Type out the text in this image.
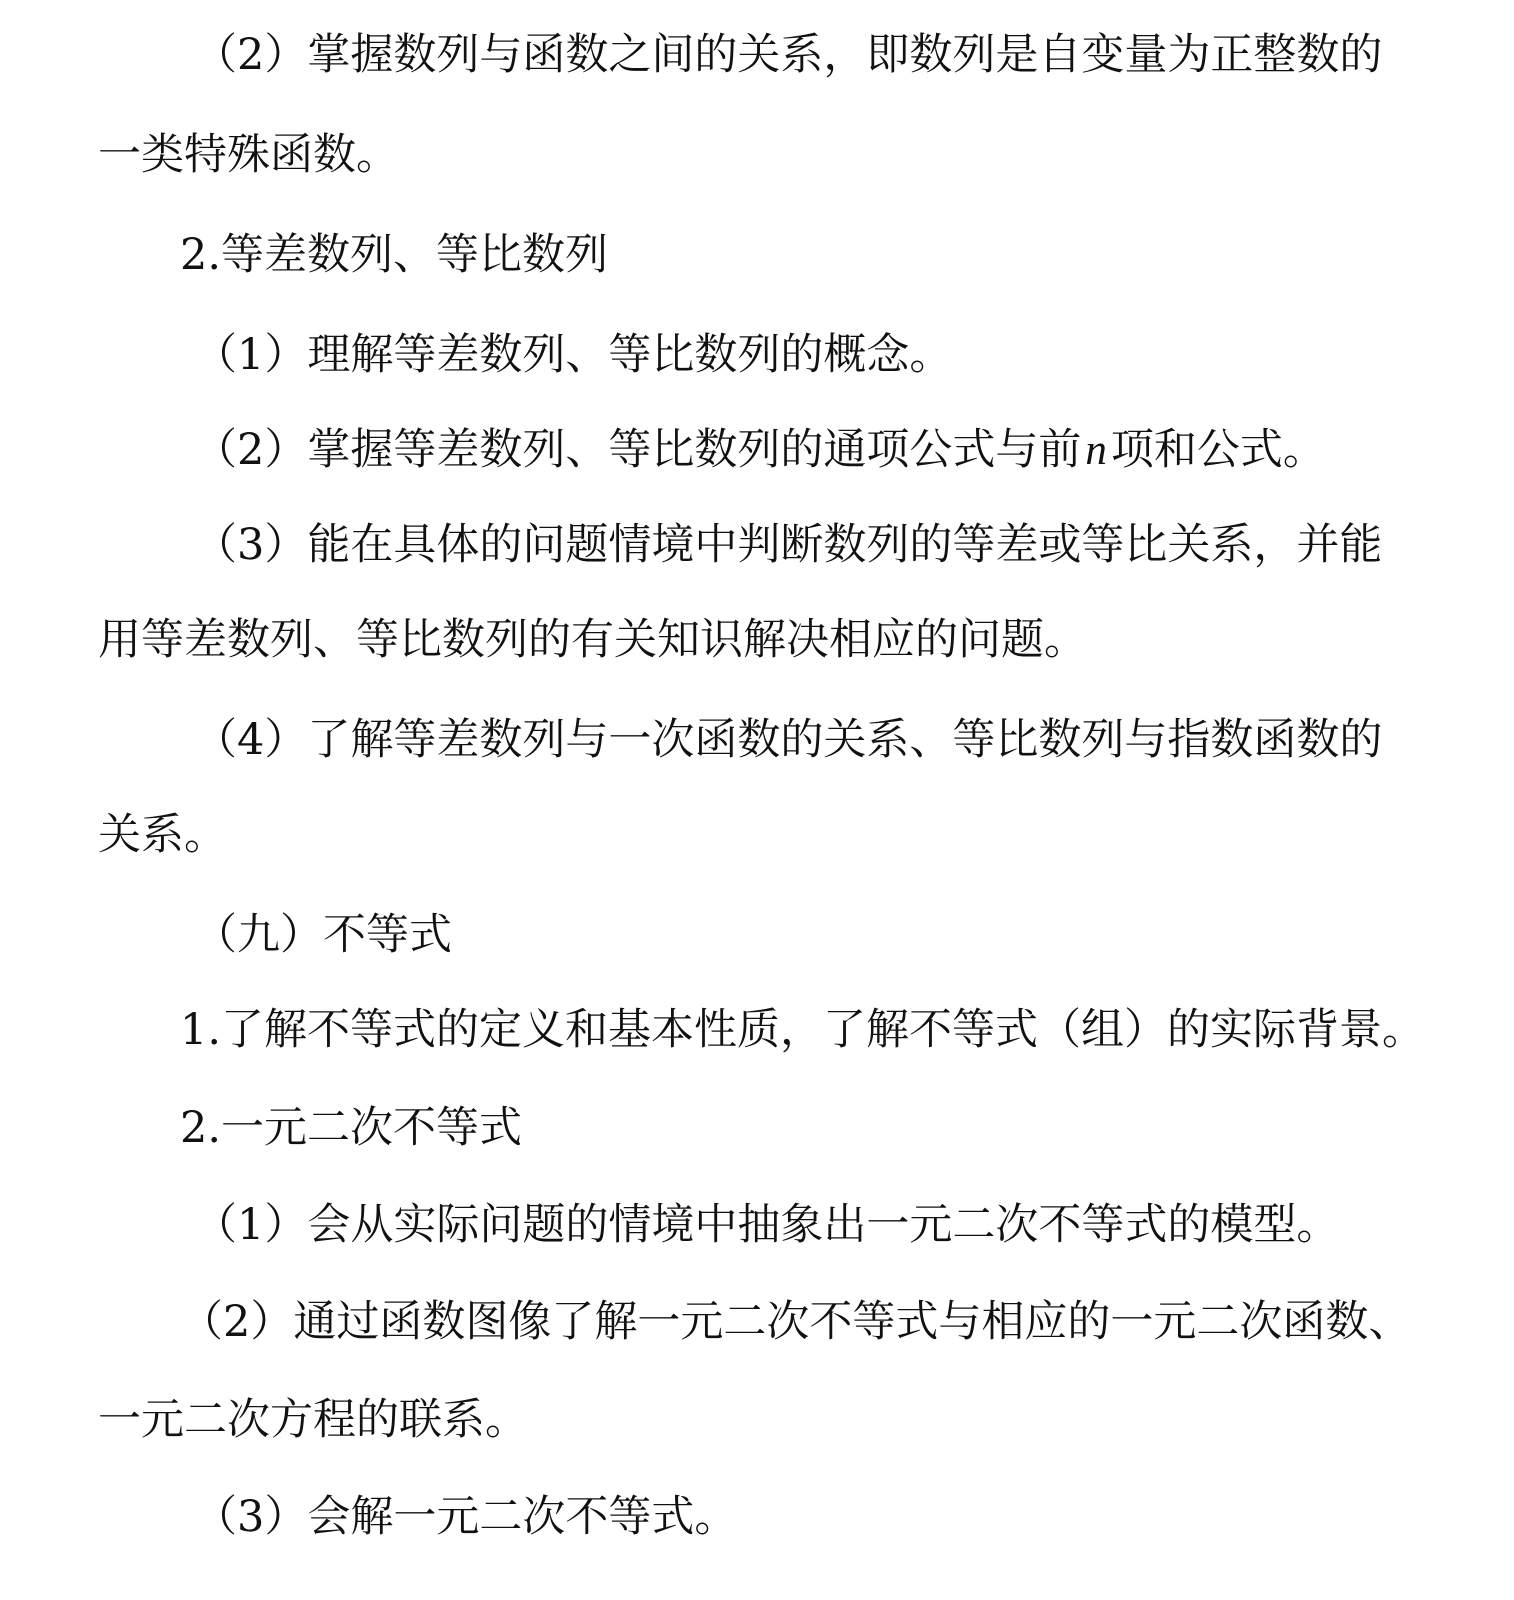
（2）掌握数列与函数之间的关系，即数列是自变量为正整数的
一类特殊函数。
2.等差数列、等比数列
（1）理解等差数列、等比数列的概念。
（2）掌握等差数列、等比数列的通项公式与前n项和公式。
（3）能在具体的问题情境中判断数列的等差或等比关系，并能
用等差数列、等比数列的有关知识解决相应的问题。
（4）了解等差数列与一次函数的关系、等比数列与指数函数的
关系。
（九）不等式
1.了解不等式的定义和基本性质，了解不等式（组）的实际背景。
2.一元二次不等式
（1）会从实际问题的情境中抽象出一元二次不等式的模型。
（2）通过函数图像了解一元二次不等式与相应的一元二次函数、
一元二次方程的联系。
（3）会解一元二次不等式。
